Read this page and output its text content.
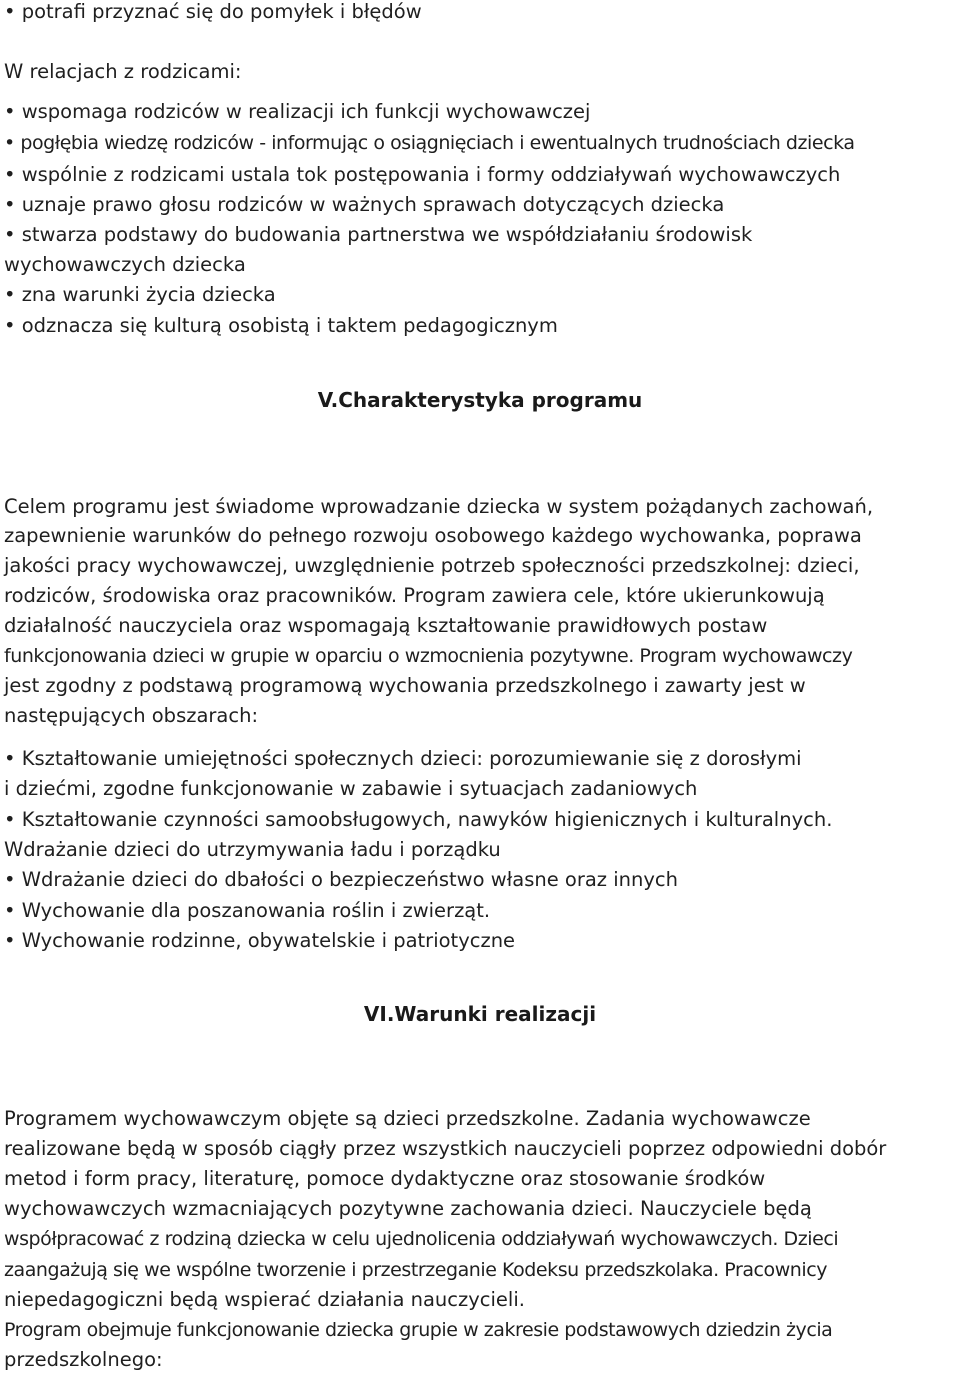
• potrafi przyznać się do pomyłek i błędów
W relacjach z rodzicami:
• wspomaga rodziców w realizacji ich funkcji wychowawczej
• pogłębia wiedzę rodziców - informując o osiągnięciach i ewentualnych trudnościach dziecka
• wspólnie z rodzicami ustala tok postępowania i formy oddziaływań wychowawczych
• uznaje prawo głosu rodziców w ważnych sprawach dotyczących dziecka
• stwarza podstawy do budowania partnerstwa we współdziałaniu środowisk
wychowawczych dziecka
• zna warunki życia dziecka
• odznacza się kulturą osobistą i taktem pedagogicznym
V.Charakterystyka programu
Celem programu jest świadome wprowadzanie dziecka w system pożądanych zachowań,
zapewnienie warunków do pełnego rozwoju osobowego każdego wychowanka, poprawa
jakości pracy wychowawczej, uwzględnienie potrzeb społeczności przedszkolnej: dzieci,
rodziców, środowiska oraz pracowników. Program zawiera cele, które ukierunkowują
działalność nauczyciela oraz wspomagają kształtowanie prawidłowych postaw
funkcjonowania dzieci w grupie w oparciu o wzmocnienia pozytywne. Program wychowawczy
jest zgodny z podstawą programową wychowania przedszkolnego i zawarty jest w
następujących obszarach:
• Kształtowanie umiejętności społecznych dzieci: porozumiewanie się z dorosłymi
i dziećmi, zgodne funkcjonowanie w zabawie i sytuacjach zadaniowych
• Kształtowanie czynności samoobsługowych, nawyków higienicznych i kulturalnych.
Wdrażanie dzieci do utrzymywania ładu i porządku
• Wdrażanie dzieci do dbałości o bezpieczeństwo własne oraz innych
• Wychowanie dla poszanowania roślin i zwierząt.
• Wychowanie rodzinne, obywatelskie i patriotyczne
VI.Warunki realizacji
Programem wychowawczym objęte są dzieci przedszkolne. Zadania wychowawcze
realizowane będą w sposób ciągły przez wszystkich nauczycieli poprzez odpowiedni dobór
metod i form pracy, literaturę, pomoce dydaktyczne oraz stosowanie środków
wychowawczych wzmacniających pozytywne zachowania dzieci. Nauczyciele będą
współpracować z rodziną dziecka w celu ujednolicenia oddziaływań wychowawczych. Dzieci
zaangażują się we wspólne tworzenie i przestrzeganie Kodeksu przedszkolaka. Pracownicy
niepedagogiczni będą wspierać działania nauczycieli.
Program obejmuje funkcjonowanie dziecka grupie w zakresie podstawowych dziedzin życia
przedszkolnego:
